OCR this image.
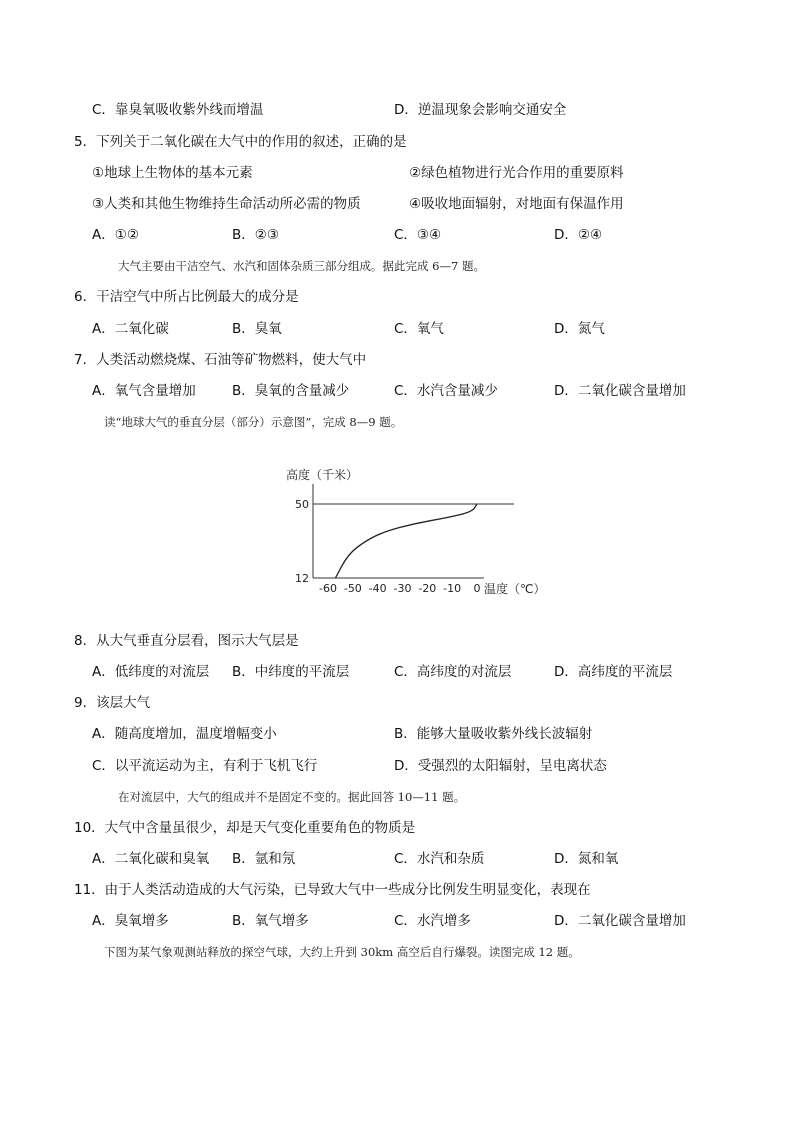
C．靠臭氧吸收紫外线而增温	D．逆温现象会影响交通安全
5．下列关于二氧化碳在大气中的作用的叙述，正确的是
①地球上生物体的基本元素	②绿色植物进行光合作用的重要原料
③人类和其他生物维持生命活动所必需的物质	④吸收地面辐射，对地面有保温作用
A．①②	B．②③	C．③④	D．②④
大气主要由干洁空气、水汽和固体杂质三部分组成。据此完成 6—7 题。
6．干洁空气中所占比例最大的成分是
A．二氧化碳	B．臭氧	C．氧气	D．氮气
7．人类活动燃烧煤、石油等矿物燃料，使大气中
A．氧气含量增加	B．臭氧的含量减少	C．水汽含量减少	D．二氧化碳含量增加
读“地球大气的垂直分层（部分）示意图”，完成 8—9 题。
高度（千米）
温度（℃）
50
12
-60 -50 -40 -30 -20 -10 0
8．从大气垂直分层看，图示大气层是
A．低纬度的对流层 B．中纬度的平流层	C．高纬度的对流层	D．高纬度的平流层
9．该层大气
A．随高度增加，温度增幅变小	B．能够大量吸收紫外线长波辐射
C．以平流运动为主，有利于飞机飞行	D．受强烈的太阳辐射，呈电离状态
在对流层中，大气的组成并不是固定不变的。据此回答 10—11 题。
10．大气中含量虽很少，却是天气变化重要角色的物质是
A．二氧化碳和臭氧 B．氩和氖	C．水汽和杂质	D．氮和氧
11．由于人类活动造成的大气污染，已导致大气中一些成分比例发生明显变化，表现在
A．臭氧增多	B．氧气增多	C．水汽增多	D．二氧化碳含量增加
下图为某气象观测站释放的探空气球，大约上升到 30km 高空后自行爆裂。读图完成 12 题。
